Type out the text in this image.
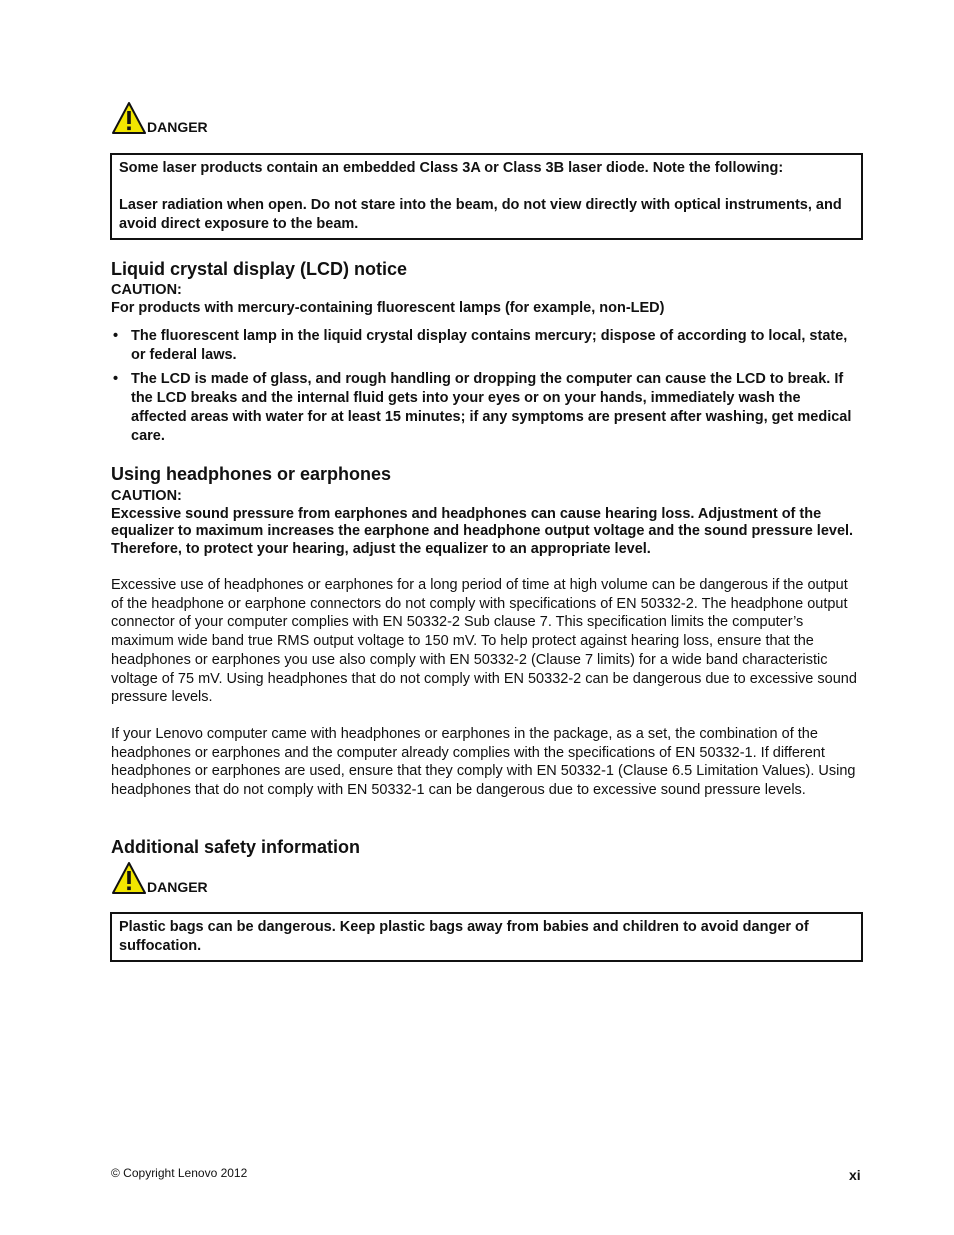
DANGER

Some laser products contain an embedded Class 3A or Class 3B laser diode. Note the following:

Laser radiation when open. Do not stare into the beam, do not view directly with optical instruments, and avoid direct exposure to the beam.

Liquid crystal display (LCD) notice

CAUTION:

For products with mercury-containing fluorescent lamps (for example, non-LED)

• The fluorescent lamp in the liquid crystal display contains mercury; dispose of according to local, state, or federal laws.
• The LCD is made of glass, and rough handling or dropping the computer can cause the LCD to break. If the LCD breaks and the internal fluid gets into your eyes or on your hands, immediately wash the affected areas with water for at least 15 minutes; if any symptoms are present after washing, get medical care.
Using headphones or earphones

CAUTION:

Excessive sound pressure from earphones and headphones can cause hearing loss. Adjustment of the equalizer to maximum increases the earphone and headphone output voltage and the sound pressure level. Therefore, to protect your hearing, adjust the equalizer to an appropriate level.

Excessive use of headphones or earphones for a long period of time at high volume can be dangerous if the output of the headphone or earphone connectors do not comply with specifications of EN 50332-2. The headphone output connector of your computer complies with EN 50332-2 Sub clause 7. This specification limits the computer’s maximum wide band true RMS output voltage to 150 mV. To help protect against hearing loss, ensure that the headphones or earphones you use also comply with EN 50332-2 (Clause 7 limits) for a wide band characteristic voltage of 75 mV. Using headphones that do not comply with EN 50332-2 can be dangerous due to excessive sound pressure levels.
If your Lenovo computer came with headphones or earphones in the package, as a set, the combination of the headphones or earphones and the computer already complies with the specifications of EN 50332-1. If different headphones or earphones are used, ensure that they comply with EN 50332-1 (Clause 6.5 Limitation Values). Using headphones that do not comply with EN 50332-1 can be dangerous due to excessive sound pressure levels.
Additional safety information
DANGER

Plastic bags can be dangerous. Keep plastic bags away from babies and children to avoid danger of suffocation.

© Copyright Lenovo 2012	xi
